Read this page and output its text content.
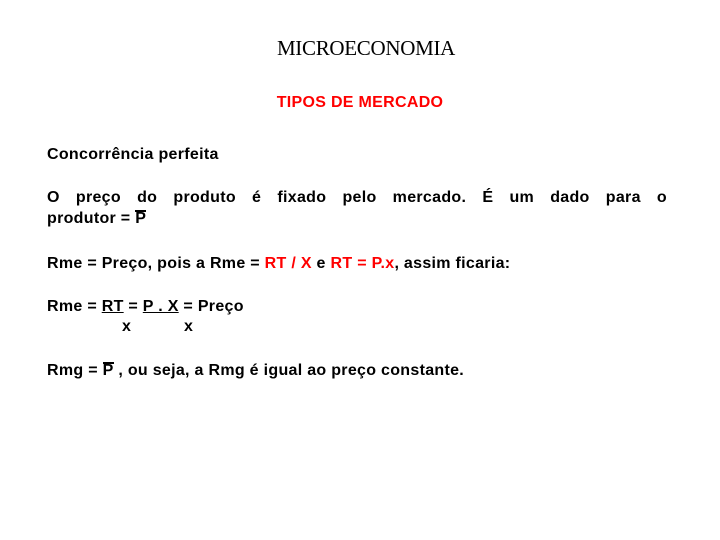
MICROECONOMIA
TIPOS DE MERCADO
Concorrência perfeita
O preço do produto é fixado pelo mercado. É um dado para o
produtor = P
Rme = Preço, pois a Rme = RT / X e RT = P.x, assim ficaria:
Rme = RT = P . X = Preço
x	x
Rmg = P , ou seja, a Rmg é igual ao preço constante.
